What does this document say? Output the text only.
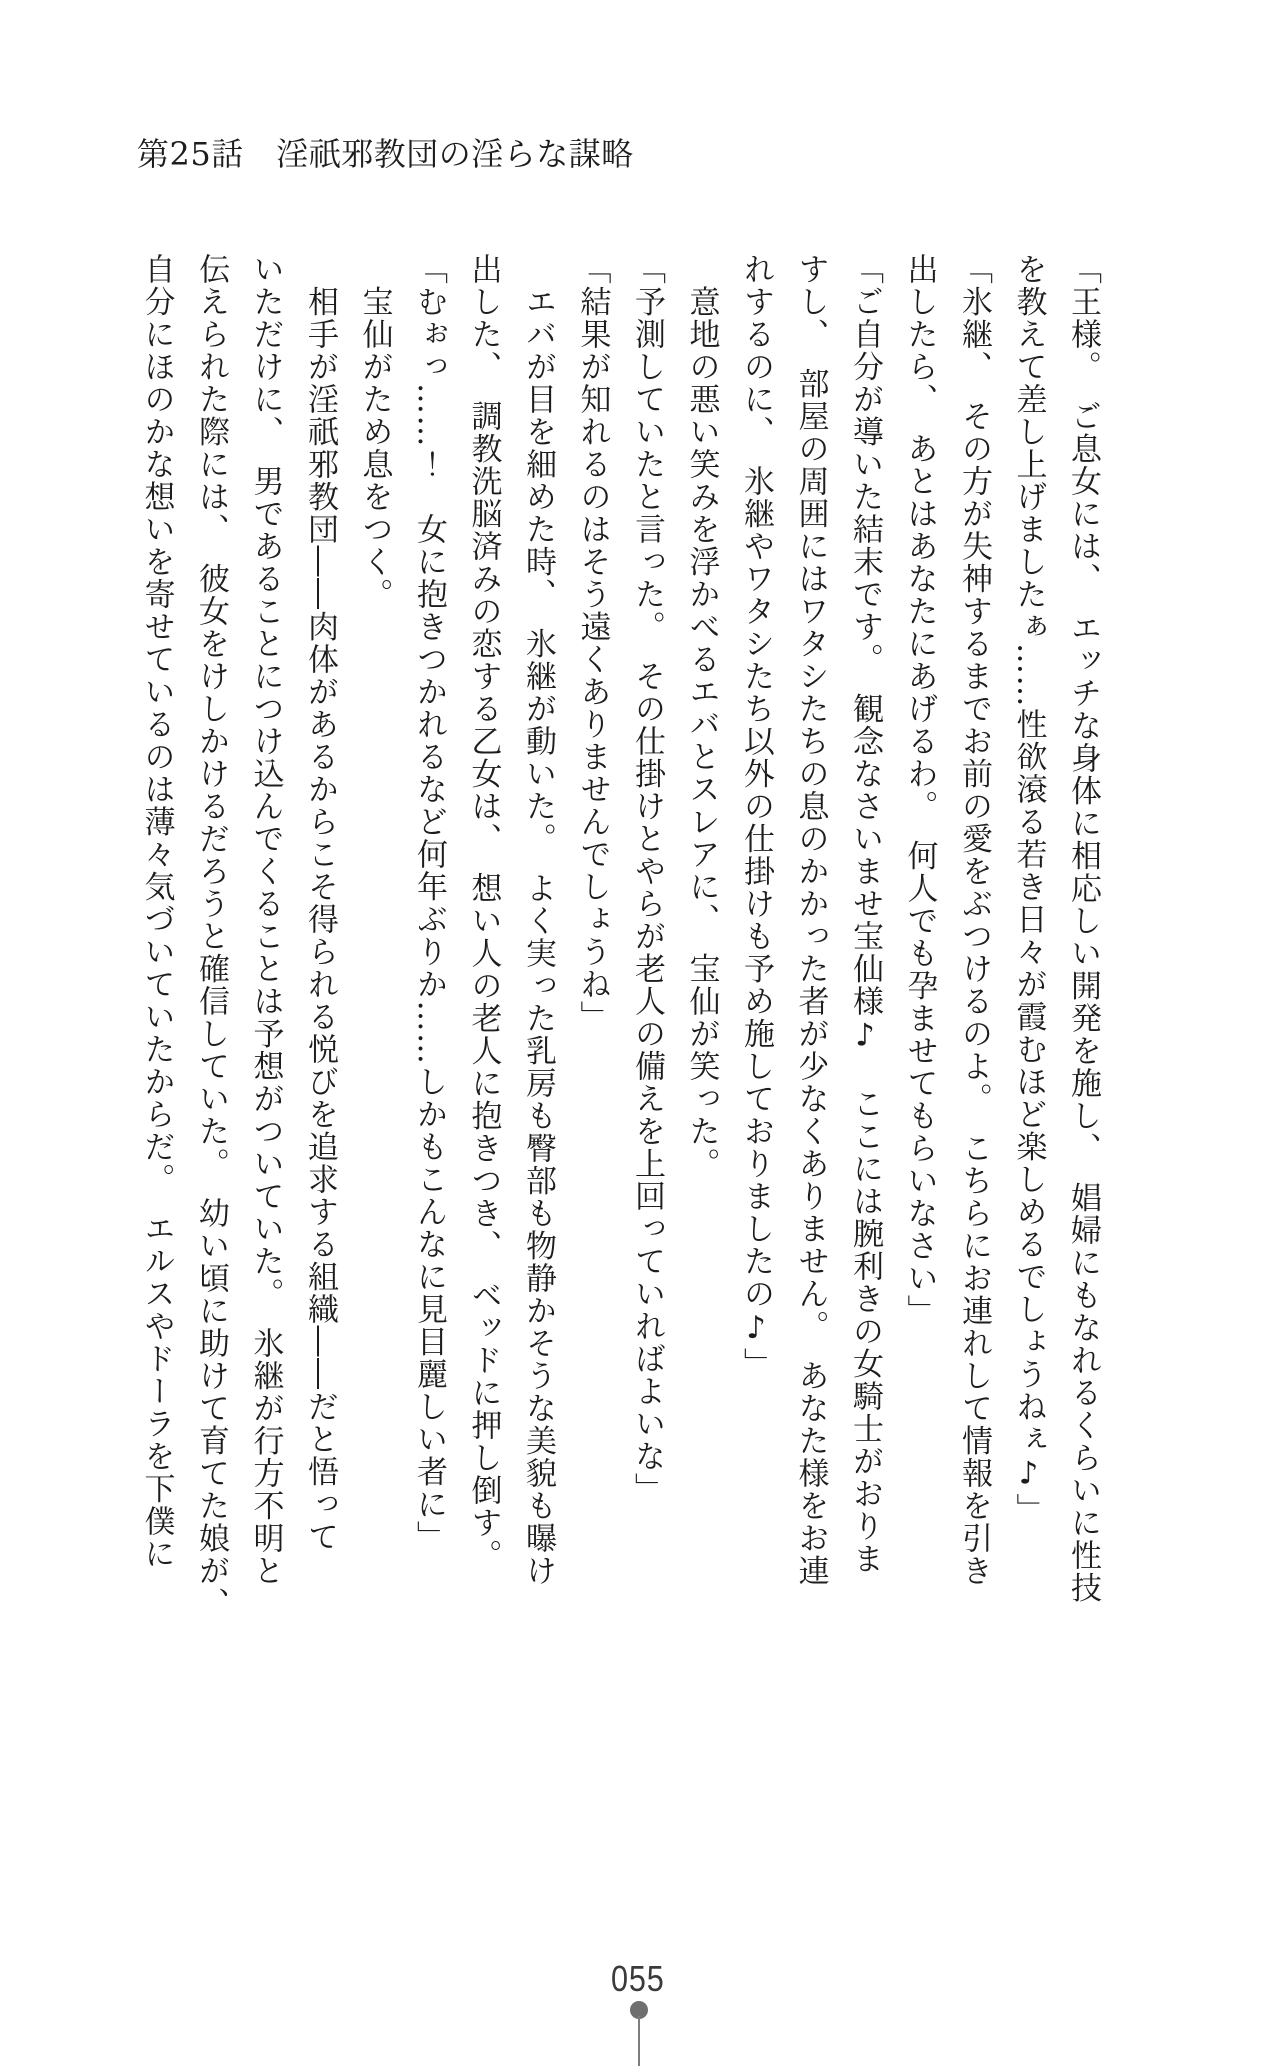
第25話　淫祇邪教団の淫らな謀略
「王様。　ご息女には、　エッチな身体に相応しい開発を施し、　娼婦にもなれるくらいに性技
を教えて差し上げましたぁ……性欲滾る若き日々が霞むほど楽しめるでしょうねぇ♪」
「氷継、　その方が失神するまでお前の愛をぶつけるのよ。　こちらにお連れして情報を引き
出したら、　あとはあなたにあげるわ。　何人でも孕ませてもらいなさい」
「ご自分が導いた結末です。　観念なさいませ宝仙様♪　ここには腕利きの女騎士がおりま
すし、　部屋の周囲にはワタシたちの息のかかった者が少なくありません。　あなた様をお連
れするのに、　氷継やワタシたち以外の仕掛けも予め施しておりましたの♪」
　意地の悪い笑みを浮かべるエバとスレアに、　宝仙が笑った。
「予測していたと言った。　その仕掛けとやらが老人の備えを上回っていればよいな」
「結果が知れるのはそう遠くありませんでしょうね」
　エバが目を細めた時、　氷継が動いた。　よく実った乳房も臀部も物静かそうな美貌も曝け
出した、　調教洗脳済みの恋する乙女は、　想い人の老人に抱きつき、　ベッドに押し倒す。
「むぉっ……！　女に抱きつかれるなど何年ぶりか……しかもこんなに見目麗しい者に」
　宝仙がため息をつく。
　相手が淫祇邪教団――肉体があるからこそ得られる悦びを追求する組織――だと悟って
いただけに、　男であることにつけ込んでくることは予想がついていた。　氷継が行方不明と
伝えられた際には、　彼女をけしかけるだろうと確信していた。　幼い頃に助けて育てた娘が、
自分にほのかな想いを寄せているのは薄々気づいていたからだ。　エルスやドーラを下僕に
055
